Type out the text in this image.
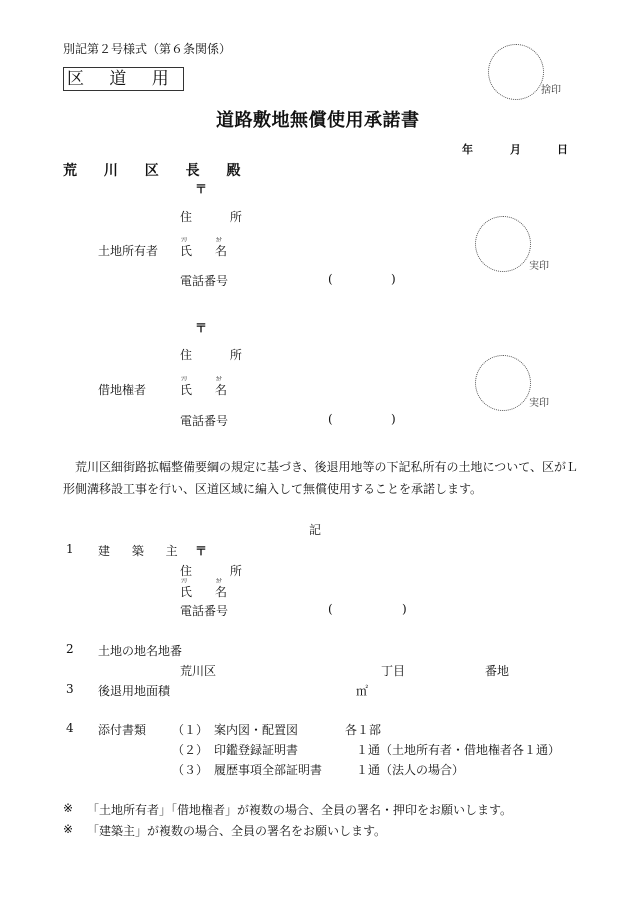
別記第２号様式（第６条関係）
区 道 用
捨印
道路敷地無償使用承諾書
年	月	日
荒 川 区 長 殿
〒
住 所
土地所有者
ﾌﾘ
氏
ｶﾅ
名
電話番号	(	)
実印
〒
住 所
借地権者
ﾌﾘ
氏
ｶﾅ
名
電話番号	(	)
実印
　荒川区細街路拡幅整備要綱の規定に基づき、後退用地等の下記私所有の土地について、区がＬ形側溝移設工事を行い、区道区域に編入して無償使用することを承諾します。
記
1 建 築 主 〒
住 所
ﾌﾘ
氏
ｶﾅ
名
電話番号	(	)
2 土地の地名地番
荒川区	丁目	番地
3 後退用地面積	㎡
4 添付書類 （１） 案内図・配置図	各１部
（２） 印鑑登録証明書	１通（土地所有者・借地権者各１通）
（３） 履歴事項全部証明書	１通（法人の場合）
※ 「土地所有者」「借地権者」が複数の場合、全員の署名・押印をお願いします。
※ 「建築主」が複数の場合、全員の署名をお願いします。
